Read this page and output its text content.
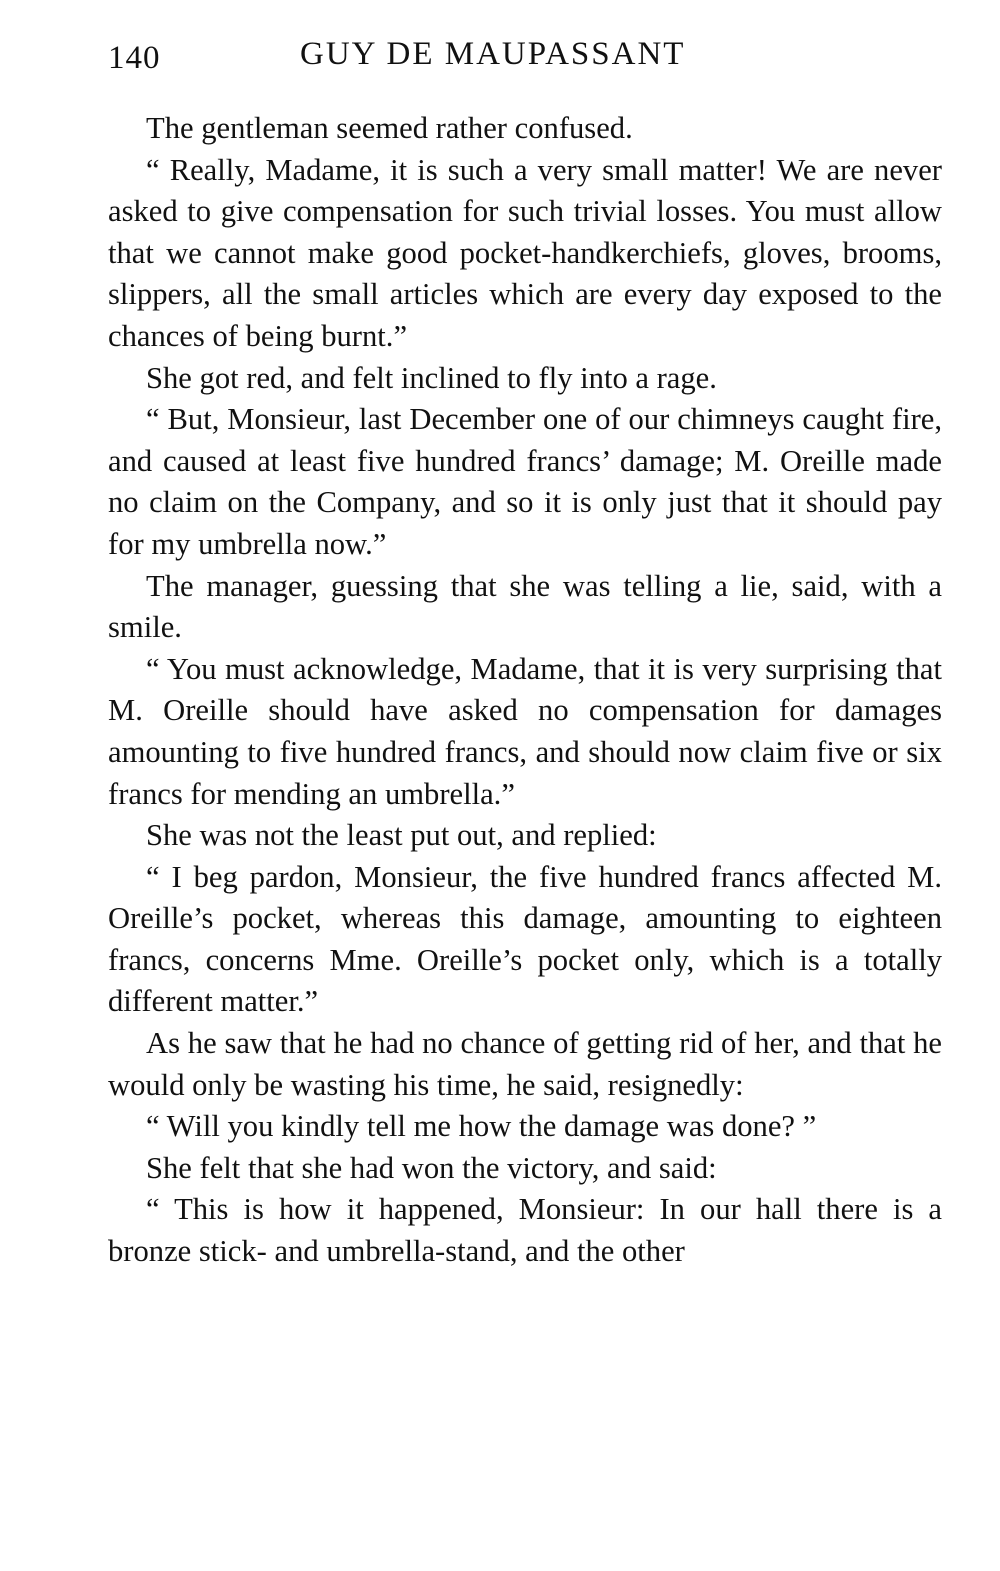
140	GUY DE MAUPASSANT

The gentleman seemed rather confused.

“ Really, Madame, it is such a very small matter! We are never asked to give compensation for such trivial losses. You must allow that we cannot make good pocket-handkerchiefs, gloves, brooms, slippers, all the small articles which are every day exposed to the chances of being burnt.”

She got red, and felt inclined to fly into a rage.

“ But, Monsieur, last December one of our chimneys caught fire, and caused at least five hundred francs’ damage; M. Oreille made no claim on the Company, and so it is only just that it should pay for my umbrella now.”

The manager, guessing that she was telling a lie, said, with a smile.

“ You must acknowledge, Madame, that it is very surprising that M. Oreille should have asked no compensation for damages amounting to five hundred francs, and should now claim five or six francs for mending an umbrella.”

She was not the least put out, and replied:

“ I beg pardon, Monsieur, the five hundred francs affected M. Oreille’s pocket, whereas this damage, amounting to eighteen francs, concerns Mme. Oreille’s pocket only, which is a totally different matter.”

As he saw that he had no chance of getting rid of her, and that he would only be wasting his time, he said, resignedly:

“ Will you kindly tell me how the damage was done? ”

She felt that she had won the victory, and said:

“ This is how it happened, Monsieur: In our hall there is a bronze stick- and umbrella-stand, and the other
